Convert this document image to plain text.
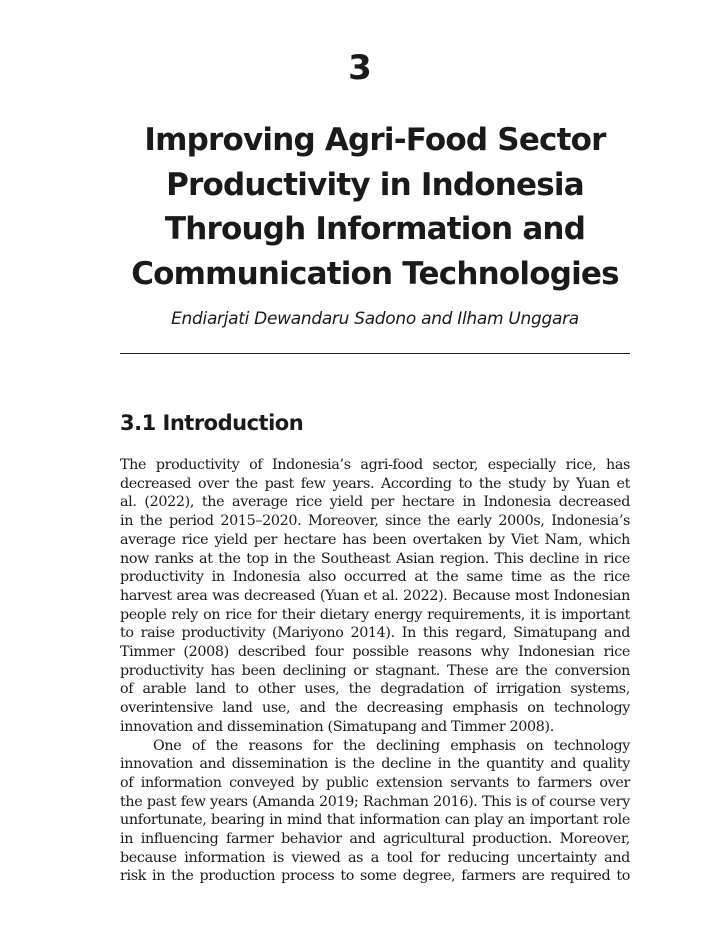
3
Improving Agri-Food Sector
Productivity in Indonesia
Through Information and
Communication Technologies
Endiarjati Dewandaru Sadono and Ilham Unggara
3.1 Introduction
The productivity of Indonesia’s agri-food sector, especially rice, has
decreased over the past few years. According to the study by Yuan et
al. (2022), the average rice yield per hectare in Indonesia decreased
in the period 2015–2020. Moreover, since the early 2000s, Indonesia’s
average rice yield per hectare has been overtaken by Viet Nam, which
now ranks at the top in the Southeast Asian region. This decline in rice
productivity in Indonesia also occurred at the same time as the rice
harvest area was decreased (Yuan et al. 2022). Because most Indonesian
people rely on rice for their dietary energy requirements, it is important
to raise productivity (Mariyono 2014). In this regard, Simatupang and
Timmer (2008) described four possible reasons why Indonesian rice
productivity has been declining or stagnant. These are the conversion
of arable land to other uses, the degradation of irrigation systems,
overintensive land use, and the decreasing emphasis on technology
innovation and dissemination (Simatupang and Timmer 2008).
One of the reasons for the declining emphasis on technology
innovation and dissemination is the decline in the quantity and quality
of information conveyed by public extension servants to farmers over
the past few years (Amanda 2019; Rachman 2016). This is of course very
unfortunate, bearing in mind that information can play an important role
in influencing farmer behavior and agricultural production. Moreover,
because information is viewed as a tool for reducing uncertainty and
risk in the production process to some degree, farmers are required to
